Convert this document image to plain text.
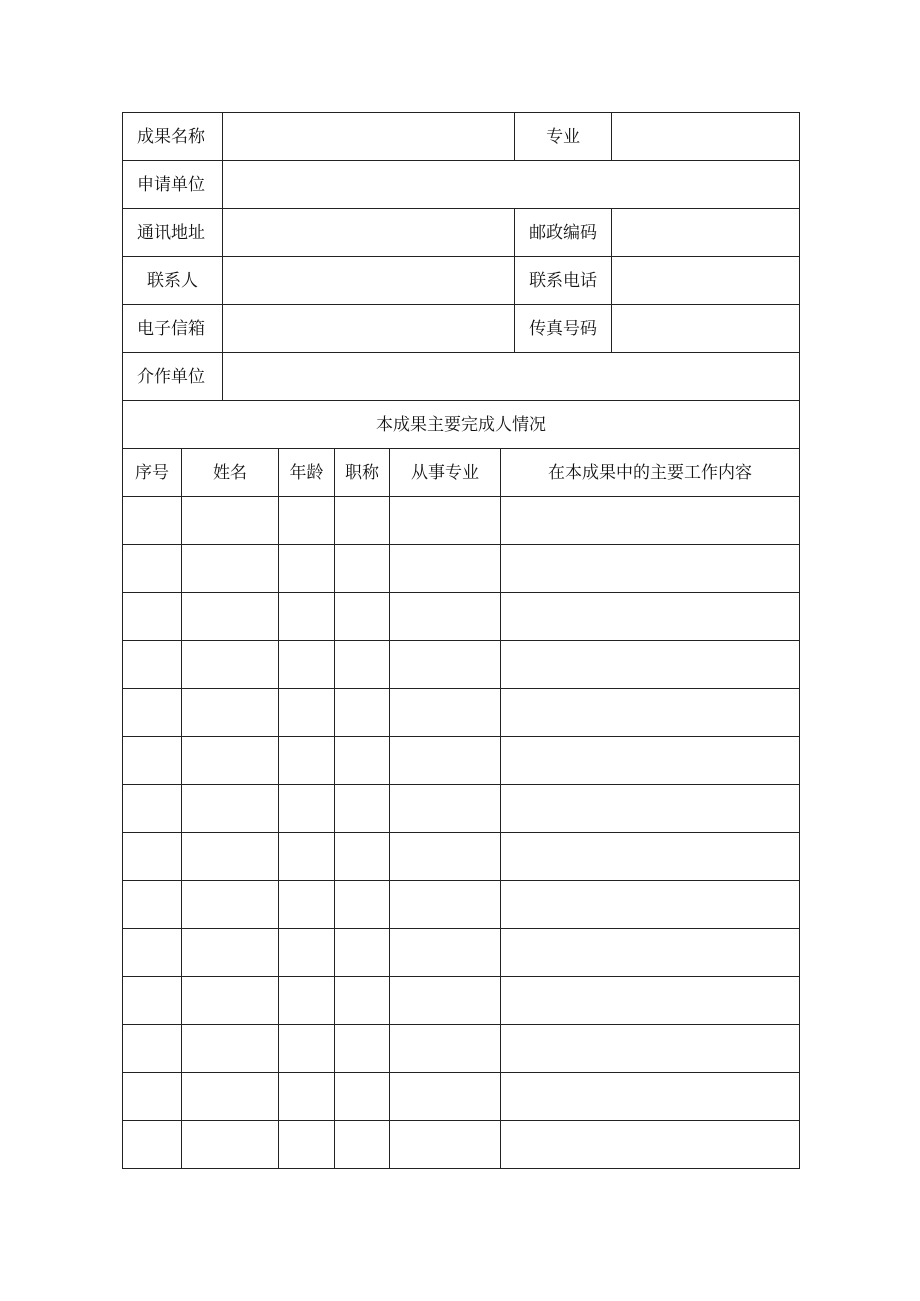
成果名称							专业	
申请单位								
通讯地址							邮政编码	
联系人							联系电话	
电子信箱							传真号码	
介作单位								
本成果主要完成人情况								
序号	姓名		年龄	职称	从事专业	在本成果中的主要工作内容		
